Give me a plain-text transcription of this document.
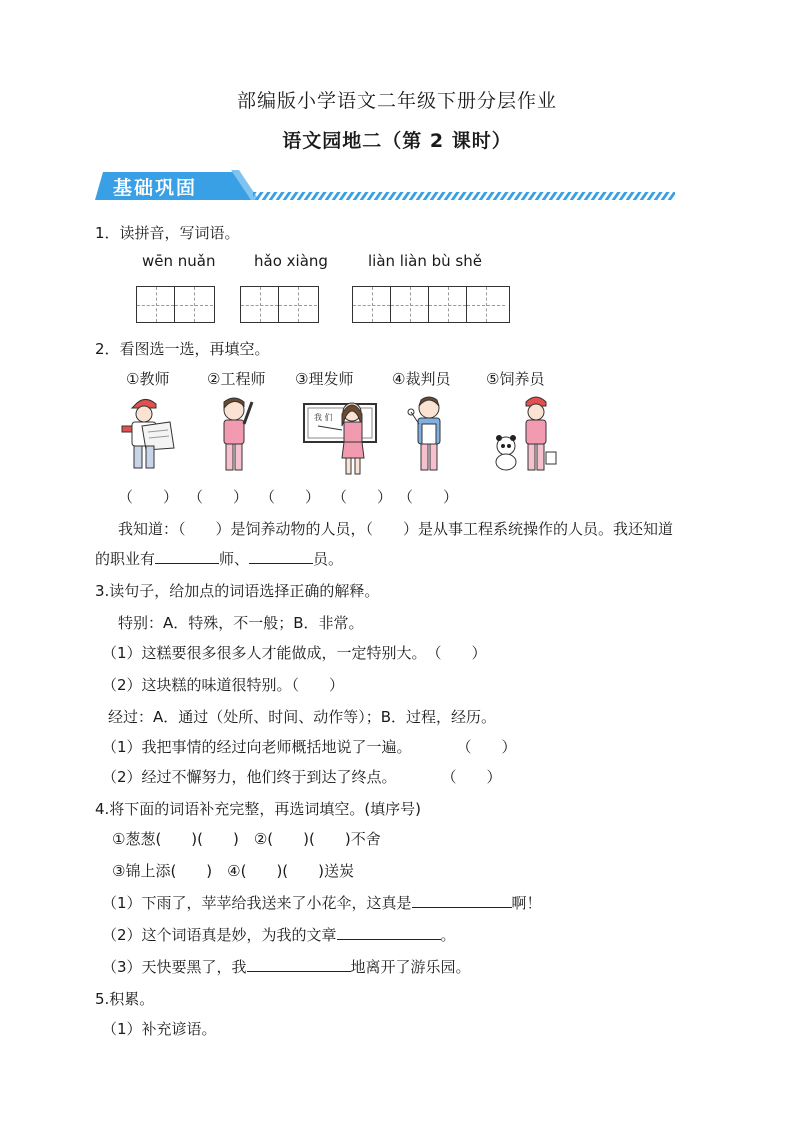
部编版小学语文二年级下册分层作业
语文园地二（第 2 课时）
基础巩固
1．读拼音，写词语。
wēn nuǎn	hǎo xiàng	liàn liàn bù shě
2．看图选一选，再填空。
①教师	②工程师 ③理发师	④裁判员 ⑤饲养员
我 们
（　　） （　　） （　　） （　　） （　　）
我知道：（　　）是饲养动物的人员，（　　）是从事工程系统操作的人员。我还知道
的职业有	师、	员。
3.读句子，给加点的词语选择正确的解释。
特别：A．特殊，不一般；B．非常。
（1）这糕要很多很多人才能做成，一定特别大。　（　　）
（2）这块糕的味道很特别。（　　）
经过：A．通过（处所、时间、动作等）；B．过程，经历。
（1）我把事情的经过向老师概括地说了一遍。　　　　（　　）
（2）经过不懈努力，他们终于到达了终点。　　　　（　　）
4.将下面的词语补充完整，再选词填空。(填序号)
①葱葱(　　)(　　)　②(　　)(　　)不舍
③锦上添(　　)　④(　　)(　　)送炭
（1）下雨了，苹苹给我送来了小花伞，这真是	啊！
（2）这个词语真是妙，为我的文章	。
（3）天快要黑了，我	地离开了游乐园。
5.积累。
（1）补充谚语。
